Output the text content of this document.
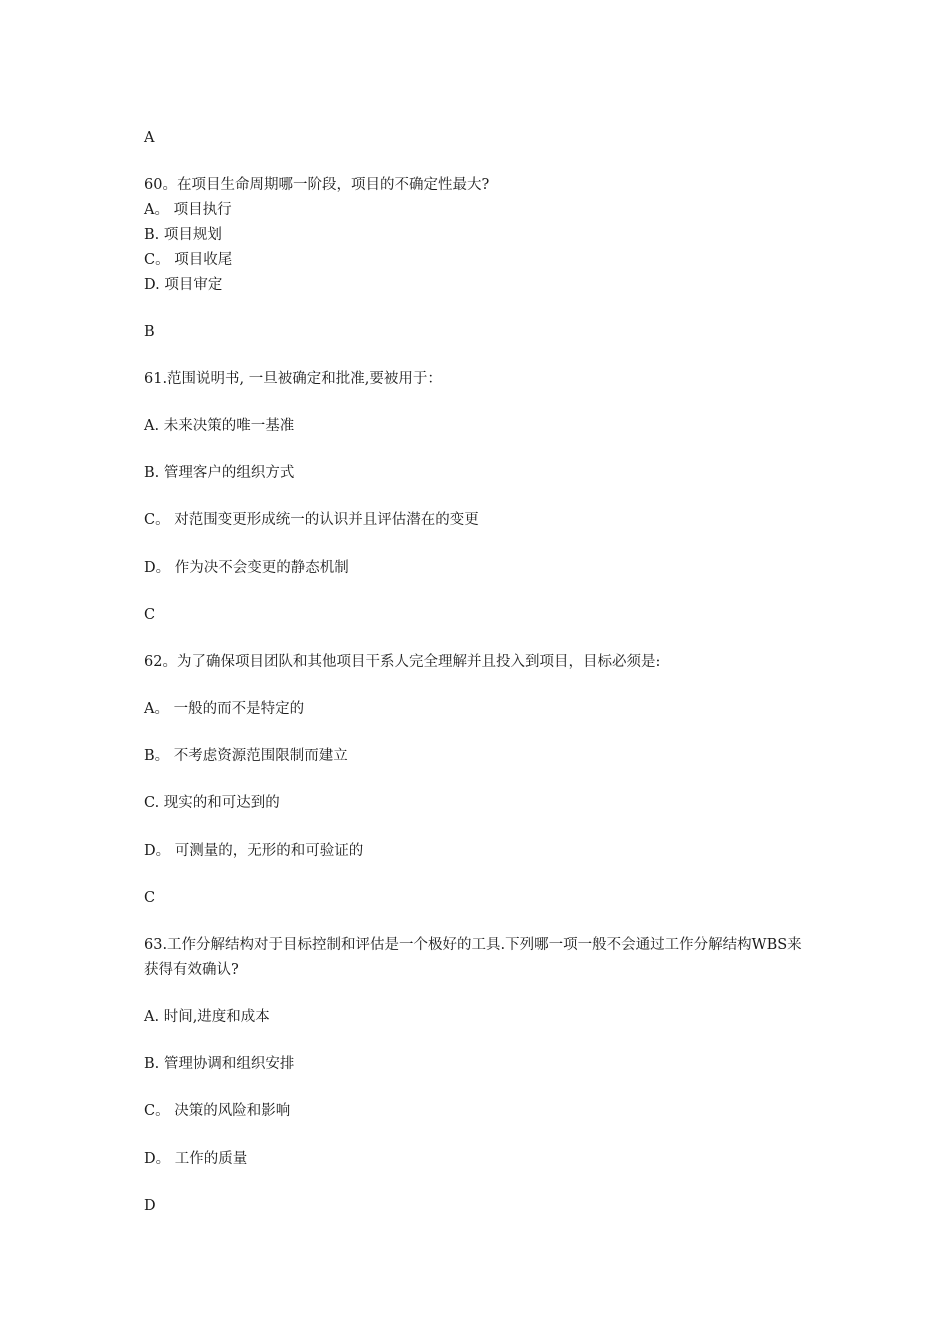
A
60。在项目生命周期哪一阶段，项目的不确定性最大?
A。 项目执行
B. 项目规划
C。 项目收尾
D. 项目审定
B
61.范围说明书, 一旦被确定和批准,要被用于：
A. 未来决策的唯一基准
B. 管理客户的组织方式
C。 对范围变更形成统一的认识并且评估潜在的变更
D。 作为决不会变更的静态机制
C
62。为了确保项目团队和其他项目干系人完全理解并且投入到项目，目标必须是:
A。 一般的而不是特定的
B。 不考虑资源范围限制而建立
C. 现实的和可达到的
D。 可测量的，无形的和可验证的
C
63.工作分解结构对于目标控制和评估是一个极好的工具.下列哪一项一般不会通过工作分解结构WBS来获得有效确认?
A. 时间,进度和成本
B. 管理协调和组织安排
C。 决策的风险和影响
D。 工作的质量
D
